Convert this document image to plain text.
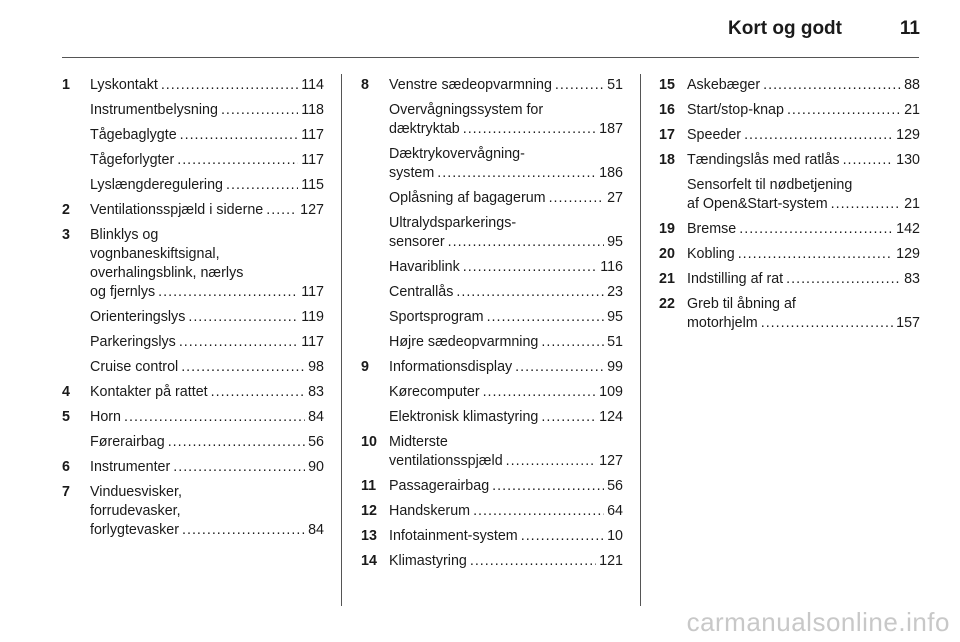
Kort og godt	11
1 Lyskontakt .....	114
Instrumentbelysning .....	118
Tågebaglygte .....	117
Tågeforlygter .....	117
Lyslængderegulering .....	115
2 Ventilationsspjæld i siderne .....	127
3 Blinklys og
vognbaneskiftsignal,
overhalingsblink, nærlys
og fjernlys .....	117
Orienteringslys .....	119
Parkeringslys .....	117
Cruise control .....	98
4 Kontakter på rattet .....	83
5 Horn .....	84
Førerairbag .....	56
6 Instrumenter .....	90
7 Vinduesvisker,
forrudevasker,
forlygtevasker .....	84
8 Venstre sædeopvarmning .....	51
Overvågningssystem for
dæktryktab .....	187
Dæktrykovervågning-
system .....	186
Oplåsning af bagagerum .....	27
Ultralydsparkerings-
sensorer .....	95
Havariblink .....	116
Centrallås .....	23
Sportsprogram .....	95
Højre sædeopvarmning .....	51
9 Informationsdisplay .....	99
Kørecomputer .....	109
Elektronisk klimastyring .....	124
10 Midterste
ventilationsspjæld .....	127
11 Passagerairbag .....	56
12 Handskerum .....	64
13 Infotainment-system .....	10
14 Klimastyring .....	121
15 Askebæger .....	88
16 Start/stop-knap .....	21
17 Speeder .....	129
18 Tændingslås med ratlås .....	130
Sensorfelt til nødbetjening
af Open&Start-system .....	21
19 Bremse .....	142
20 Kobling .....	129
21 Indstilling af rat .....	83
22 Greb til åbning af
motorhjelm .....	157
carmanualsonline.info
